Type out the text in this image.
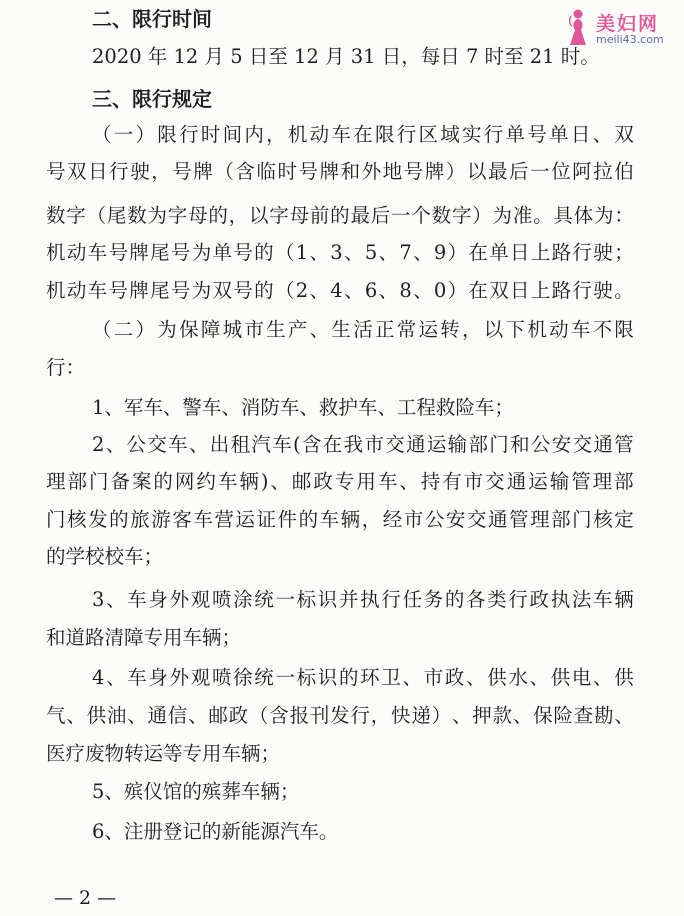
美妇网
meili43.com
二、限行时间
2020 年 12 月 5 日至 12 月 31 日，每日 7 时至 21 时。
三、限行规定
（ 一 ） 限 行 时 间 内 ， 机 动 车 在 限 行 区 域 实 行 单 号 单 日 、 双
号 双 日 行 驶 ， 号 牌 （ 含 临 时 号 牌 和 外 地 号 牌 ） 以 最 后 一 位 阿 拉 伯
数 字 （ 尾 数 为 字 母 的 ， 以 字 母 前 的 最 后 一 个 数 字 ） 为 准 。 具 体 为 ：
机 动 车 号 牌 尾 号 为 单 号 的 （ 1 、 3 、 5 、 7 、 9 ） 在 单 日 上 路 行 驶 ；
机 动 车 号 牌 尾 号 为 双 号 的 （ 2 、 4 、 6 、 8 、 0 ） 在 双 日 上 路 行 驶 。
（ 二 ） 为 保 障 城 市 生 产 、 生 活 正 常 运 转 ， 以 下 机 动 车 不 限
行：
1、军车、警车、消防车、救护车、工程救险车；
2 、 公 交 车 、 出 租 汽 车 ( 含 在 我 市 交 通 运 输 部 门 和 公 安 交 通 管
理 部 门 备 案 的 网 约 车 辆 ) 、 邮 政 专 用 车 、 持 有 市 交 通 运 输 管 理 部
门 核 发 的 旅 游 客 车 营 运 证 件 的 车 辆 ， 经 市 公 安 交 通 管 理 部 门 核 定
的学校校车；
3 、 车 身 外 观 喷 涂 统 一 标 识 并 执 行 任 务 的 各 类 行 政 执 法 车 辆
和道路清障专用车辆；
4 、 车 身 外 观 喷 徐 统 一 标 识 的 环 卫 、 市 政 、 供 水 、 供 电 、 供
气 、 供 油 、 通 信 、 邮 政 （ 含 报 刊 发 行 ， 快 递 ） 、 押 款 、 保 险 查 勘 、
医疗废物转运等专用车辆；
5、殡仪馆的殡葬车辆；
6、注册登记的新能源汽车。
— 2 —
